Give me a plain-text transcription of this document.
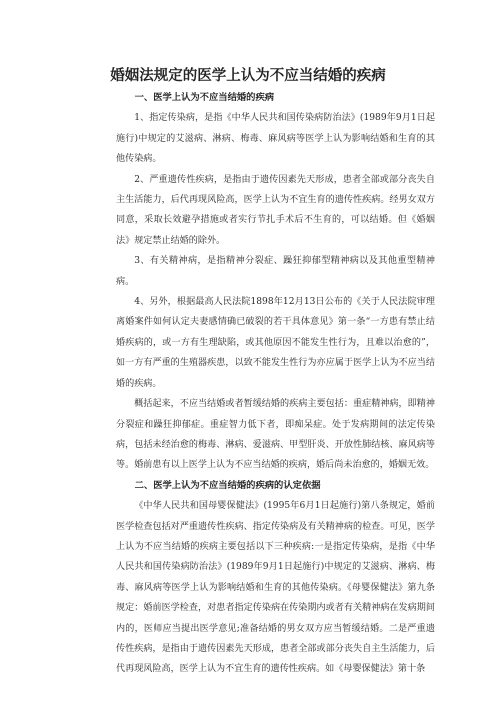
婚姻法规定的医学上认为不应当结婚的疾病

一、医学上认为不应当结婚的疾病

1、指定传染病，是指《中华人民共和国传染病防治法》(1989年9月1日起施行)中规定的艾滋病、淋病、梅毒、麻风病等医学上认为影响结婚和生育的其他传染病。

2、严重遗传性疾病，是指由于遗传因素先天形成，患者全部或部分丧失自主生活能力，后代再现风险高，医学上认为不宜生育的遗传性疾病。经男女双方同意，采取长效避孕措施或者实行节扎手术后不生育的，可以结婚。但《婚姻法》规定禁止结婚的除外。

3、有关精神病，是指精神分裂症、躁狂抑郁型精神病以及其他重型精神病。

4、另外，根据最高人民法院1898年12月13日公布的《关于人民法院审理离婚案件如何认定夫妻感情确已破裂的若干具体意见》第一条“一方患有禁止结婚疾病的，或一方有生理缺陷，或其他原因不能发生性行为，且难以治愈的”，如一方有严重的生殖器疾患，以致不能发生性行为亦应属于医学上认为不应当结婚的疾病。

概括起来，不应当结婚或者暂缓结婚的疾病主要包括：重症精神病，即精神分裂症和躁狂抑郁症。重症智力低下者，即痴呆症。处于发病期间的法定传染病，包括未经治愈的梅毒、淋病、爱滋病、甲型肝炎、开放性肺结核、麻风病等等。婚前患有以上医学上认为不应当结婚的疾病，婚后尚未治愈的，婚姻无效。

二、医学上认为不应当结婚的疾病的认定依据

《中华人民共和国母婴保健法》(1995年6月1日起施行)第八条规定，婚前医学检查包括对严重遗传性疾病、指定传染病及有关精神病的检查。可见，医学上认为不应当结婚的疾病主要包括以下三种疾病:一是指定传染病，是指《中华人民共和国传染病防治法》(1989年9月1日起施行)中规定的艾滋病、淋病、梅毒、麻风病等医学上认为影响结婚和生育的其他传染病。《母婴保健法》第九条规定：婚前医学检查，对患者指定传染病在传染期内或者有关精神病在发病期间内的，医师应当提出医学意见;准备结婚的男女双方应当暂缓结婚。二是严重遗传性疾病，是指由于遗传因素先天形成，患者全部或部分丧失自主生活能力，后代再现风险高，医学上认为不宜生育的遗传性疾病。如《母婴保健法》第十条
